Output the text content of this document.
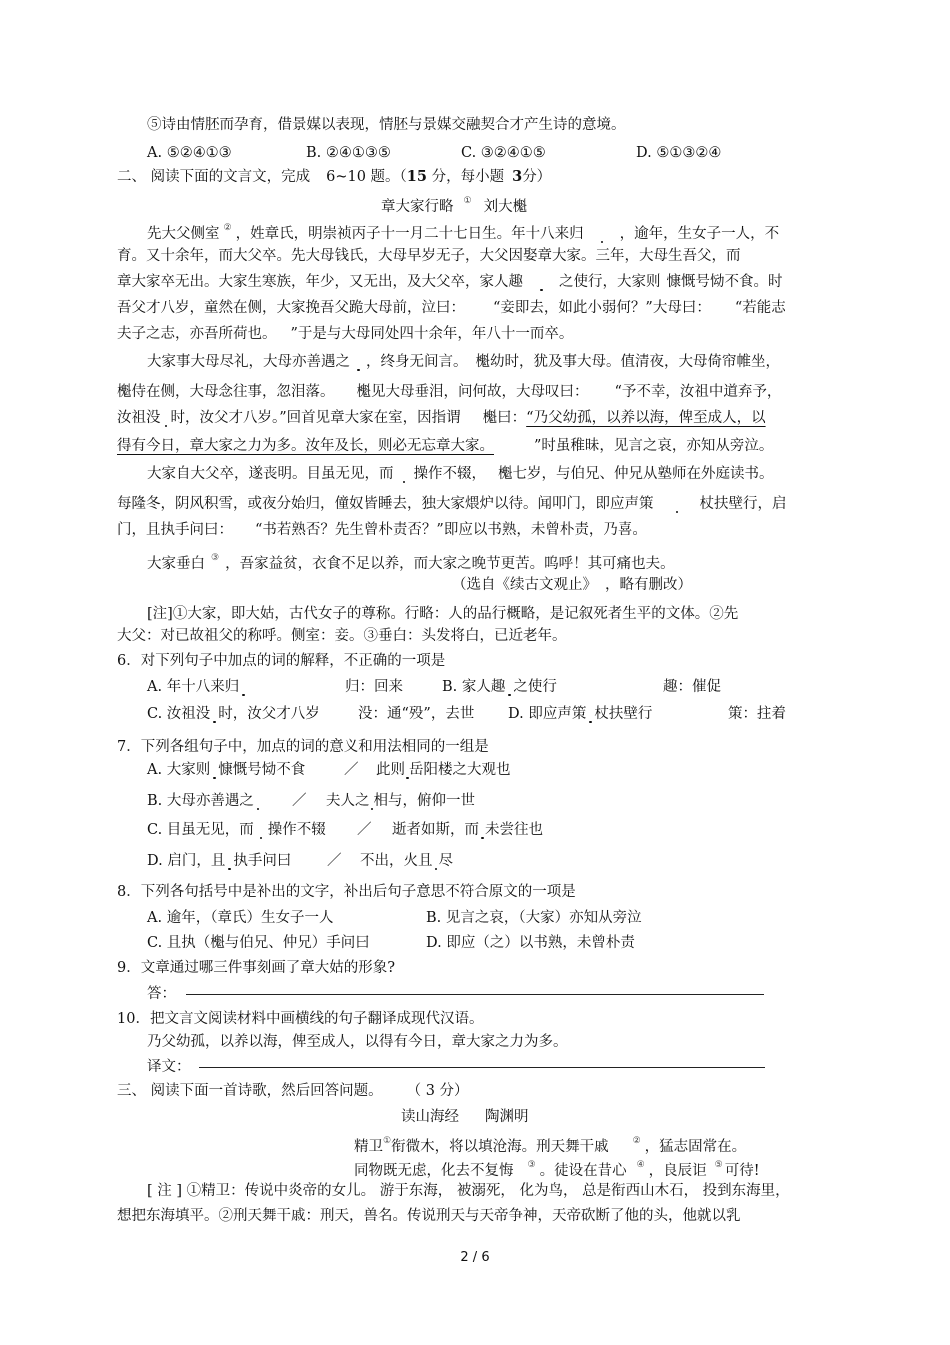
⑤诗由情胚而孕育，借景媒以表现，情胚与景媒交融契合才产生诗的意境。
A. ⑤②④①③	B. ②④①③⑤	C. ③②④①⑤	D. ⑤①③②④
二、 阅读下面的文言文，完成 6~10 题。（15 分，每小题 3分）
章大家行略 ① 刘大櫆
先大父侧室 ② ，姓章氏，明崇祯丙子十一月二十七日生。年十八来归 ，逾年，生女子一人，不
育。又十余年，而大父卒。先大母钱氏，大母早岁无子，大父因娶章大家。三年，大母生吾父，而
章大家卒无出。大家生寒族，年少，又无出，及大父卒，家人趣 之使行，大家则 慷慨号恸不食。时
吾父才八岁，童然在侧，大家挽吾父跪大母前，泣曰： “妾即去，如此小弱何？”大母曰： “若能志
夫子之志，亦吾所荷也。 ”于是与大母同处四十余年，年八十一而卒。
大家事大母尽礼，大母亦善遇之 ，终身无间言。 櫆幼时，犹及事大母。值清夜，大母倚帘帷坐，
櫆侍在侧，大母念往事，忽泪落。 櫆见大母垂泪，问何故，大母叹曰： “予不幸，汝祖中道弃予，
汝祖没 时，汝父才八岁。”回首见章大家在室，因指谓 櫆曰：“乃父幼孤，以养以海，俾至成人，以
得有今日，章大家之力为多。汝年及长，则必无忘章大家。	”时虽稚昧，见言之哀，亦知从旁泣。
大家自大父卒，遂丧明。目虽无见，而 操作不辍， 櫆七岁，与伯兄、仲兄从塾师在外庭读书。
每隆冬，阴风积雪，或夜分始归，僮奴皆睡去，独大家煨炉以待。闻叩门，即应声策	杖扶壁行，启
门，且执手问曰： “书若熟否？先生曾朴责否？”即应以书熟，未曾朴责，乃喜。
大家垂白 ③ ，吾家益贫，衣食不足以养，而大家之晚节更苦。呜呼！其可痛也夫。
（选自《续古文观止》 ，略有删改）
[注]①大家，即大姑，古代女子的尊称。行略：人的品行概略，是记叙死者生平的文体。②先
大父：对已故祖父的称呼。侧室：妾。③垂白：头发将白，已近老年。
6．对下列句子中加点的词的解释，不正确的一项是
A. 年十八来归	归：回来	B. 家人趣 之使行	趣：催促
C. 汝祖没 时，汝父才八岁	没：通“殁”，去世 D. 即应声策 杖扶壁行	策：拄着
7．下列各组句子中，加点的词的意义和用法相同的一组是
A. 大家则 慷慨号恸不食	／ 此则 岳阳楼之大观也
B. 大母亦善遇之	／ 夫人之 相与，俯仰一世
C. 目虽无见，而 操作不辍 ／ 逝者如斯，而 未尝往也
D. 启门，且 执手问曰 ／ 不出，火且 尽
8．下列各句括号中是补出的文字，补出后句子意思不符合原文的一项是
A. 逾年，（章氏）生女子一人	B. 见言之哀，（大家）亦知从旁泣
C. 且执（櫆与伯兄、仲兄）手问曰	D. 即应（之）以书熟，未曾朴责
9．文章通过哪三件事刻画了章大姑的形象?
答：
10．把文言文阅读材料中画横线的句子翻译成现代汉语。
乃父幼孤，以养以海，俾至成人，以得有今日，章大家之力为多。
译文：
三、 阅读下面一首诗歌，然后回答问题。 （ 3 分）
读山海经 陶渊明
精卫①衔微木，将以填沧海。刑天舞干戚	② ，猛志固常在。
同物既无虑，化去不复悔 ③ 。徒设在昔心 ④ ，良辰讵 ⑤ 可待!
[ 注 ] ①精卫：传说中炎帝的女儿。 游于东海， 被溺死， 化为鸟， 总是衔西山木石， 投到东海里，
想把东海填平。②刑天舞干戚：刑天，兽名。传说刑天与天帝争神，天帝砍断了他的头，他就以乳
2 / 6
